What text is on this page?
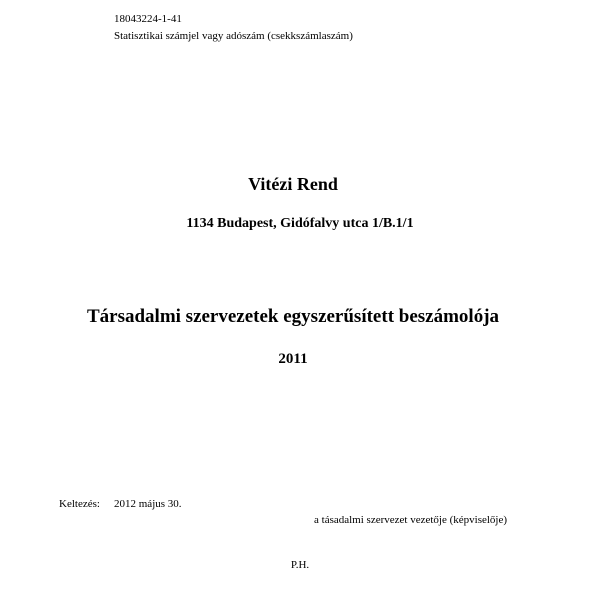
18043224-1-41
Statisztikai számjel vagy adószám (csekkszámlaszám)
Vitézi Rend
1134 Budapest, Gidófalvy utca 1/B.1/1
Társadalmi szervezetek egyszerűsített beszámolója
2011
Keltezés: 2012 május 30.
a tásadalmi szervezet vezetője (képviselője)
P.H.
